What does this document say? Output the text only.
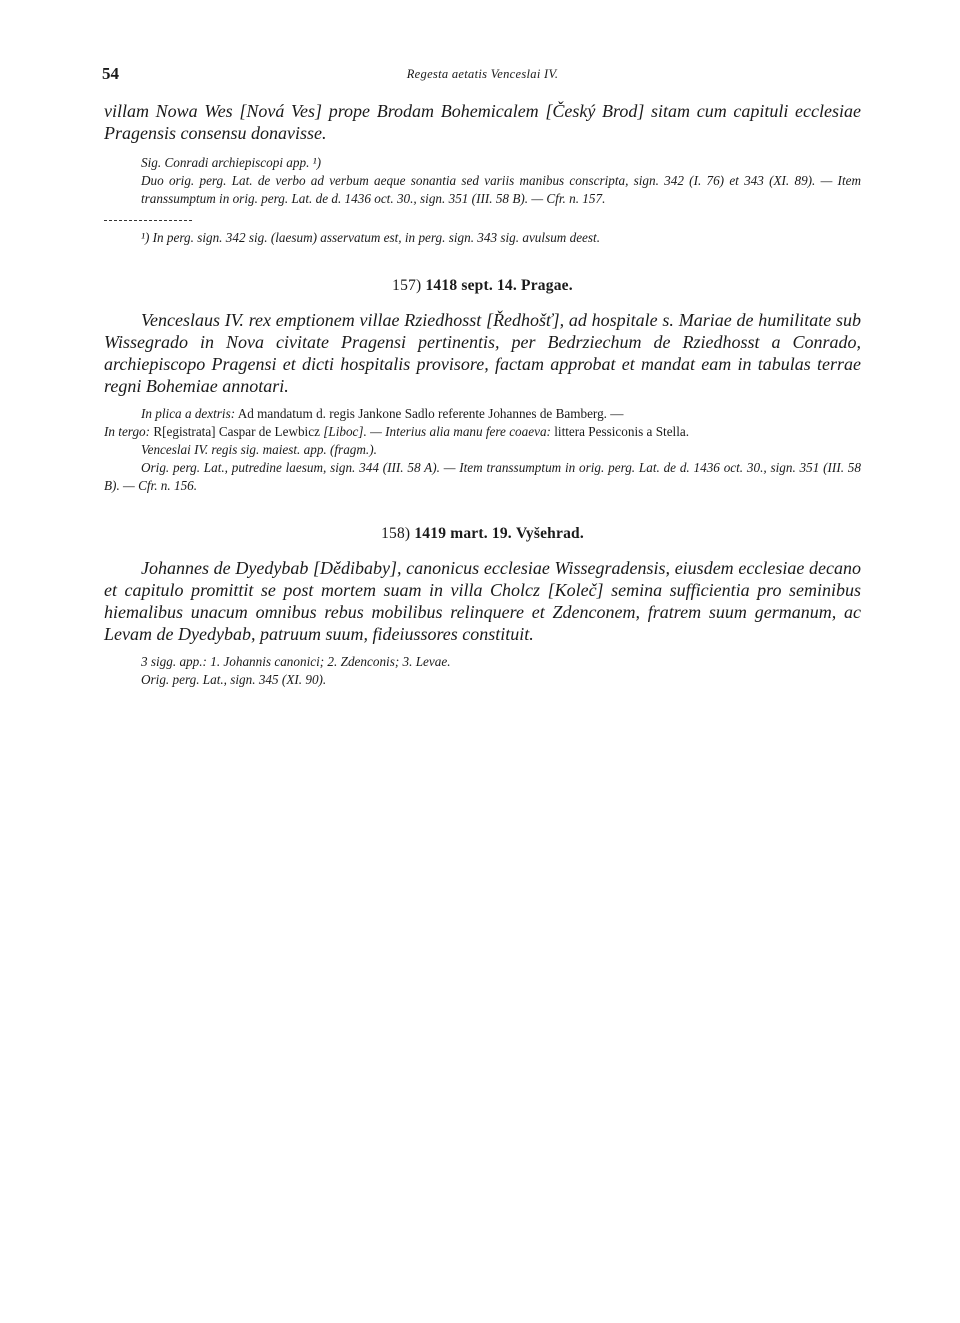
54	Regesta aetatis Venceslai IV.

villam Nowa Wes [Nová Ves] prope Brodam Bohemicalem [Český Brod] sitam cum capituli ecclesiae Pragensis consensu donavisse.

Sig. Conradi archiepiscopi app. ¹)

Duo orig. perg. Lat. de verbo ad verbum aeque sonantia sed variis manibus conscripta, sign. 342 (I. 76) et 343 (XI. 89). — Item transsumptum in orig. perg. Lat. de d. 1436 oct. 30., sign. 351 (III. 58 B). — Cfr. n. 157.

¹) In perg. sign. 342 sig. (laesum) asservatum est, in perg. sign. 343 sig. avulsum deest.

157) 1418 sept. 14. Pragae.

Venceslaus IV. rex emptionem villae Rziedhosst [Ředhošť], ad hospitale s. Mariae de humilitate sub Wissegrado in Nova civitate Pragensi pertinentis, per Bedrziechum de Rziedhosst a Conrado, archiepiscopo Pragensi et dicti hospitalis provisore, factam approbat et mandat eam in tabulas terrae regni Bohemiae annotari.

In plica a dextris: Ad mandatum d. regis Jankone Sadlo referente Johannes de Bamberg. —

In tergo: R[egistrata] Caspar de Lewbicz [Liboc]. — Interius alia manu fere coaeva: littera Pessiconis a Stella.

Venceslai IV. regis sig. maiest. app. (fragm.).

Orig. perg. Lat., putredine laesum, sign. 344 (III. 58 A). — Item transsumptum in orig. perg. Lat. de d. 1436 oct. 30., sign. 351 (III. 58 B). — Cfr. n. 156.

158) 1419 mart. 19. Vyšehrad.

Johannes de Dyedybab [Dědibaby], canonicus ecclesiae Wissegradensis, eiusdem ecclesiae decano et capitulo promittit se post mortem suam in villa Cholcz [Koleč] semina sufficientia pro seminibus hiemalibus unacum omnibus rebus mobilibus relinquere et Zdenconem, fratrem suum germanum, ac Levam de Dyedybab, patruum suum, fideiussores constituit.

3 sigg. app.: 1. Johannis canonici; 2. Zdenconis; 3. Levae.

Orig. perg. Lat., sign. 345 (XI. 90).
